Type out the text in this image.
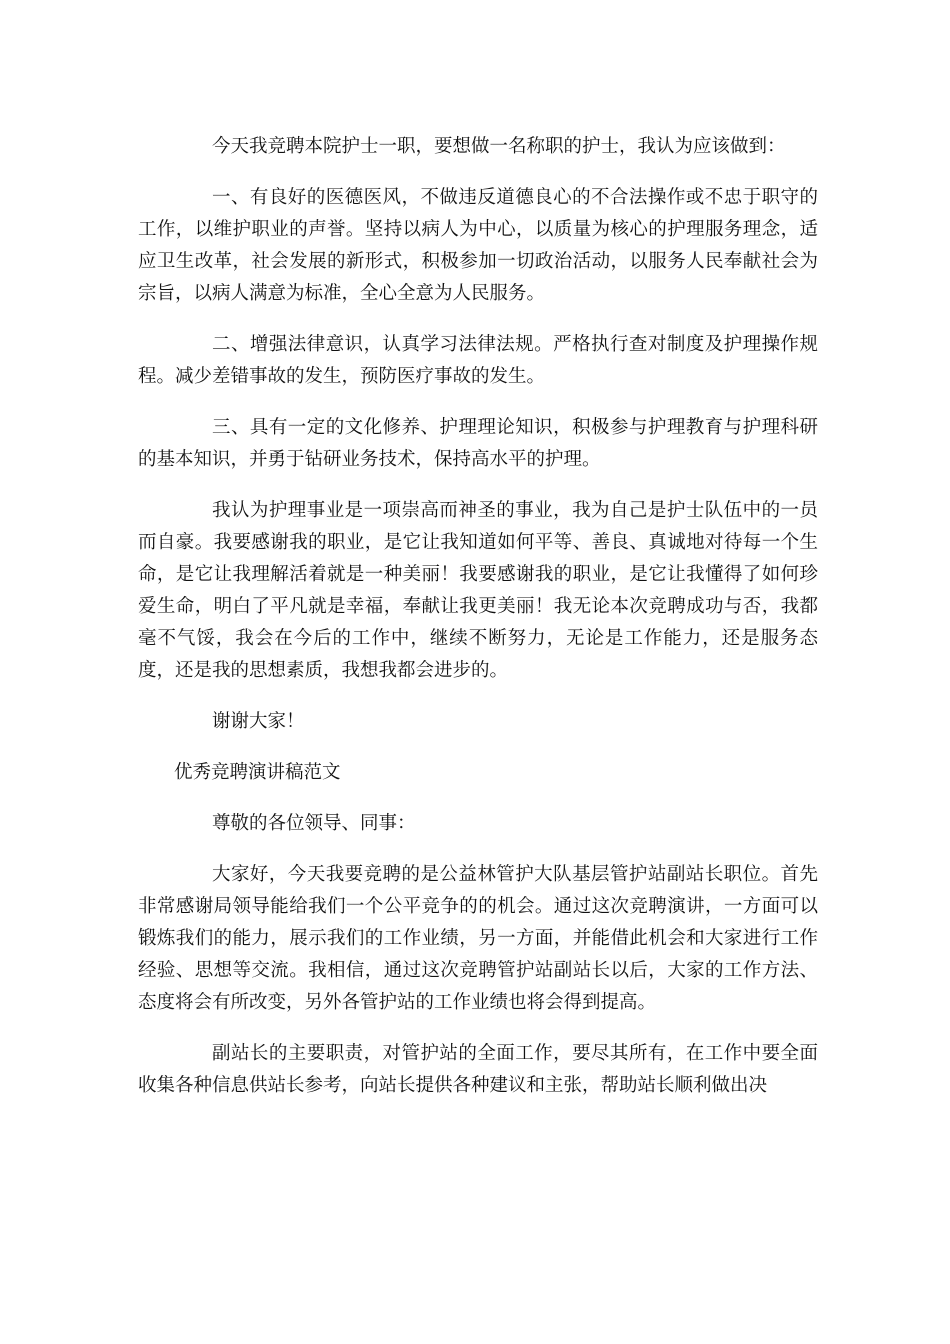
今天我竞聘本院护士一职，要想做一名称职的护士，我认为应该做到：

一、有良好的医德医风，不做违反道德良心的不合法操作或不忠于职守的工作，以维护职业的声誉。坚持以病人为中心，以质量为核心的护理服务理念，适应卫生改革，社会发展的新形式，积极参加一切政治活动，以服务人民奉献社会为宗旨，以病人满意为标准，全心全意为人民服务。

二、增强法律意识，认真学习法律法规。严格执行查对制度及护理操作规程。减少差错事故的发生，预防医疗事故的发生。

三、具有一定的文化修养、护理理论知识，积极参与护理教育与护理科研的基本知识，并勇于钻研业务技术，保持高水平的护理。

我认为护理事业是一项崇高而神圣的事业，我为自己是护士队伍中的一员而自豪。我要感谢我的职业，是它让我知道如何平等、善良、真诚地对待每一个生命，是它让我理解活着就是一种美丽！我要感谢我的职业，是它让我懂得了如何珍爱生命，明白了平凡就是幸福，奉献让我更美丽！我无论本次竞聘成功与否，我都毫不气馁，我会在今后的工作中，继续不断努力，无论是工作能力，还是服务态度，还是我的思想素质，我想我都会进步的。

谢谢大家！

优秀竞聘演讲稿范文

尊敬的各位领导、同事：

大家好，今天我要竞聘的是公益林管护大队基层管护站副站长职位。首先非常感谢局领导能给我们一个公平竞争的的机会。通过这次竞聘演讲，一方面可以锻炼我们的能力，展示我们的工作业绩，另一方面，并能借此机会和大家进行工作经验、思想等交流。我相信，通过这次竞聘管护站副站长以后，大家的工作方法、态度将会有所改变，另外各管护站的工作业绩也将会得到提高。

副站长的主要职责，对管护站的全面工作，要尽其所有，在工作中要全面收集各种信息供站长参考，向站长提供各种建议和主张，帮助站长顺利做出决
